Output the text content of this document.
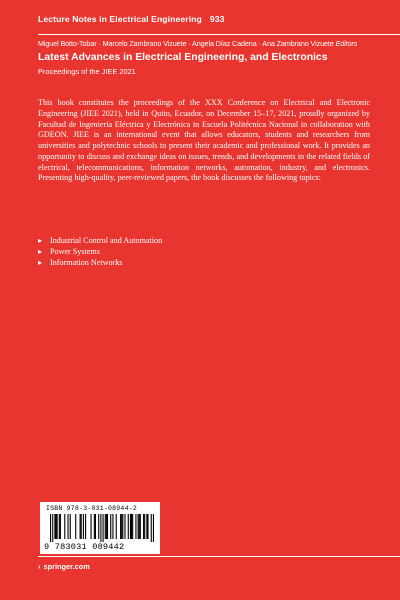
Lecture Notes in Electrical Engineering 933
Miguel Botto-Tobar · Marcelo Zambrano Vizuete · Angela Díaz Cadena · Ana Zambrano Vizuete Editors
Latest Advances in Electrical Engineering, and Electronics
Proceedings of the JIEE 2021

This book constitutes the proceedings of the XXX Conference on Electrical and Electronic Engineering (JIEE 2021), held in Quito, Ecuador, on December 15–17, 2021, proudly organized by Facultad de Ingeniería Eléctrica y Electrónica in Escuela Politécnica Nacional in collaboration with GDEON. JIEE is an international event that allows educators, students and researchers from universities and polytechnic schools to present their academic and professional work. It provides an opportunity to discuss and exchange ideas on issues, trends, and developments in the related fields of electrical, telecommunications, information networks, automation, industry, and electronics. Presenting high-quality, peer-reviewed papers, the book discusses the following topics:

▸ Industrial Control and Automation
▸ Power Systems
▸ Information Networks
ISBN 978-3-031-08944-2
9 783031 089442
› springer.com
